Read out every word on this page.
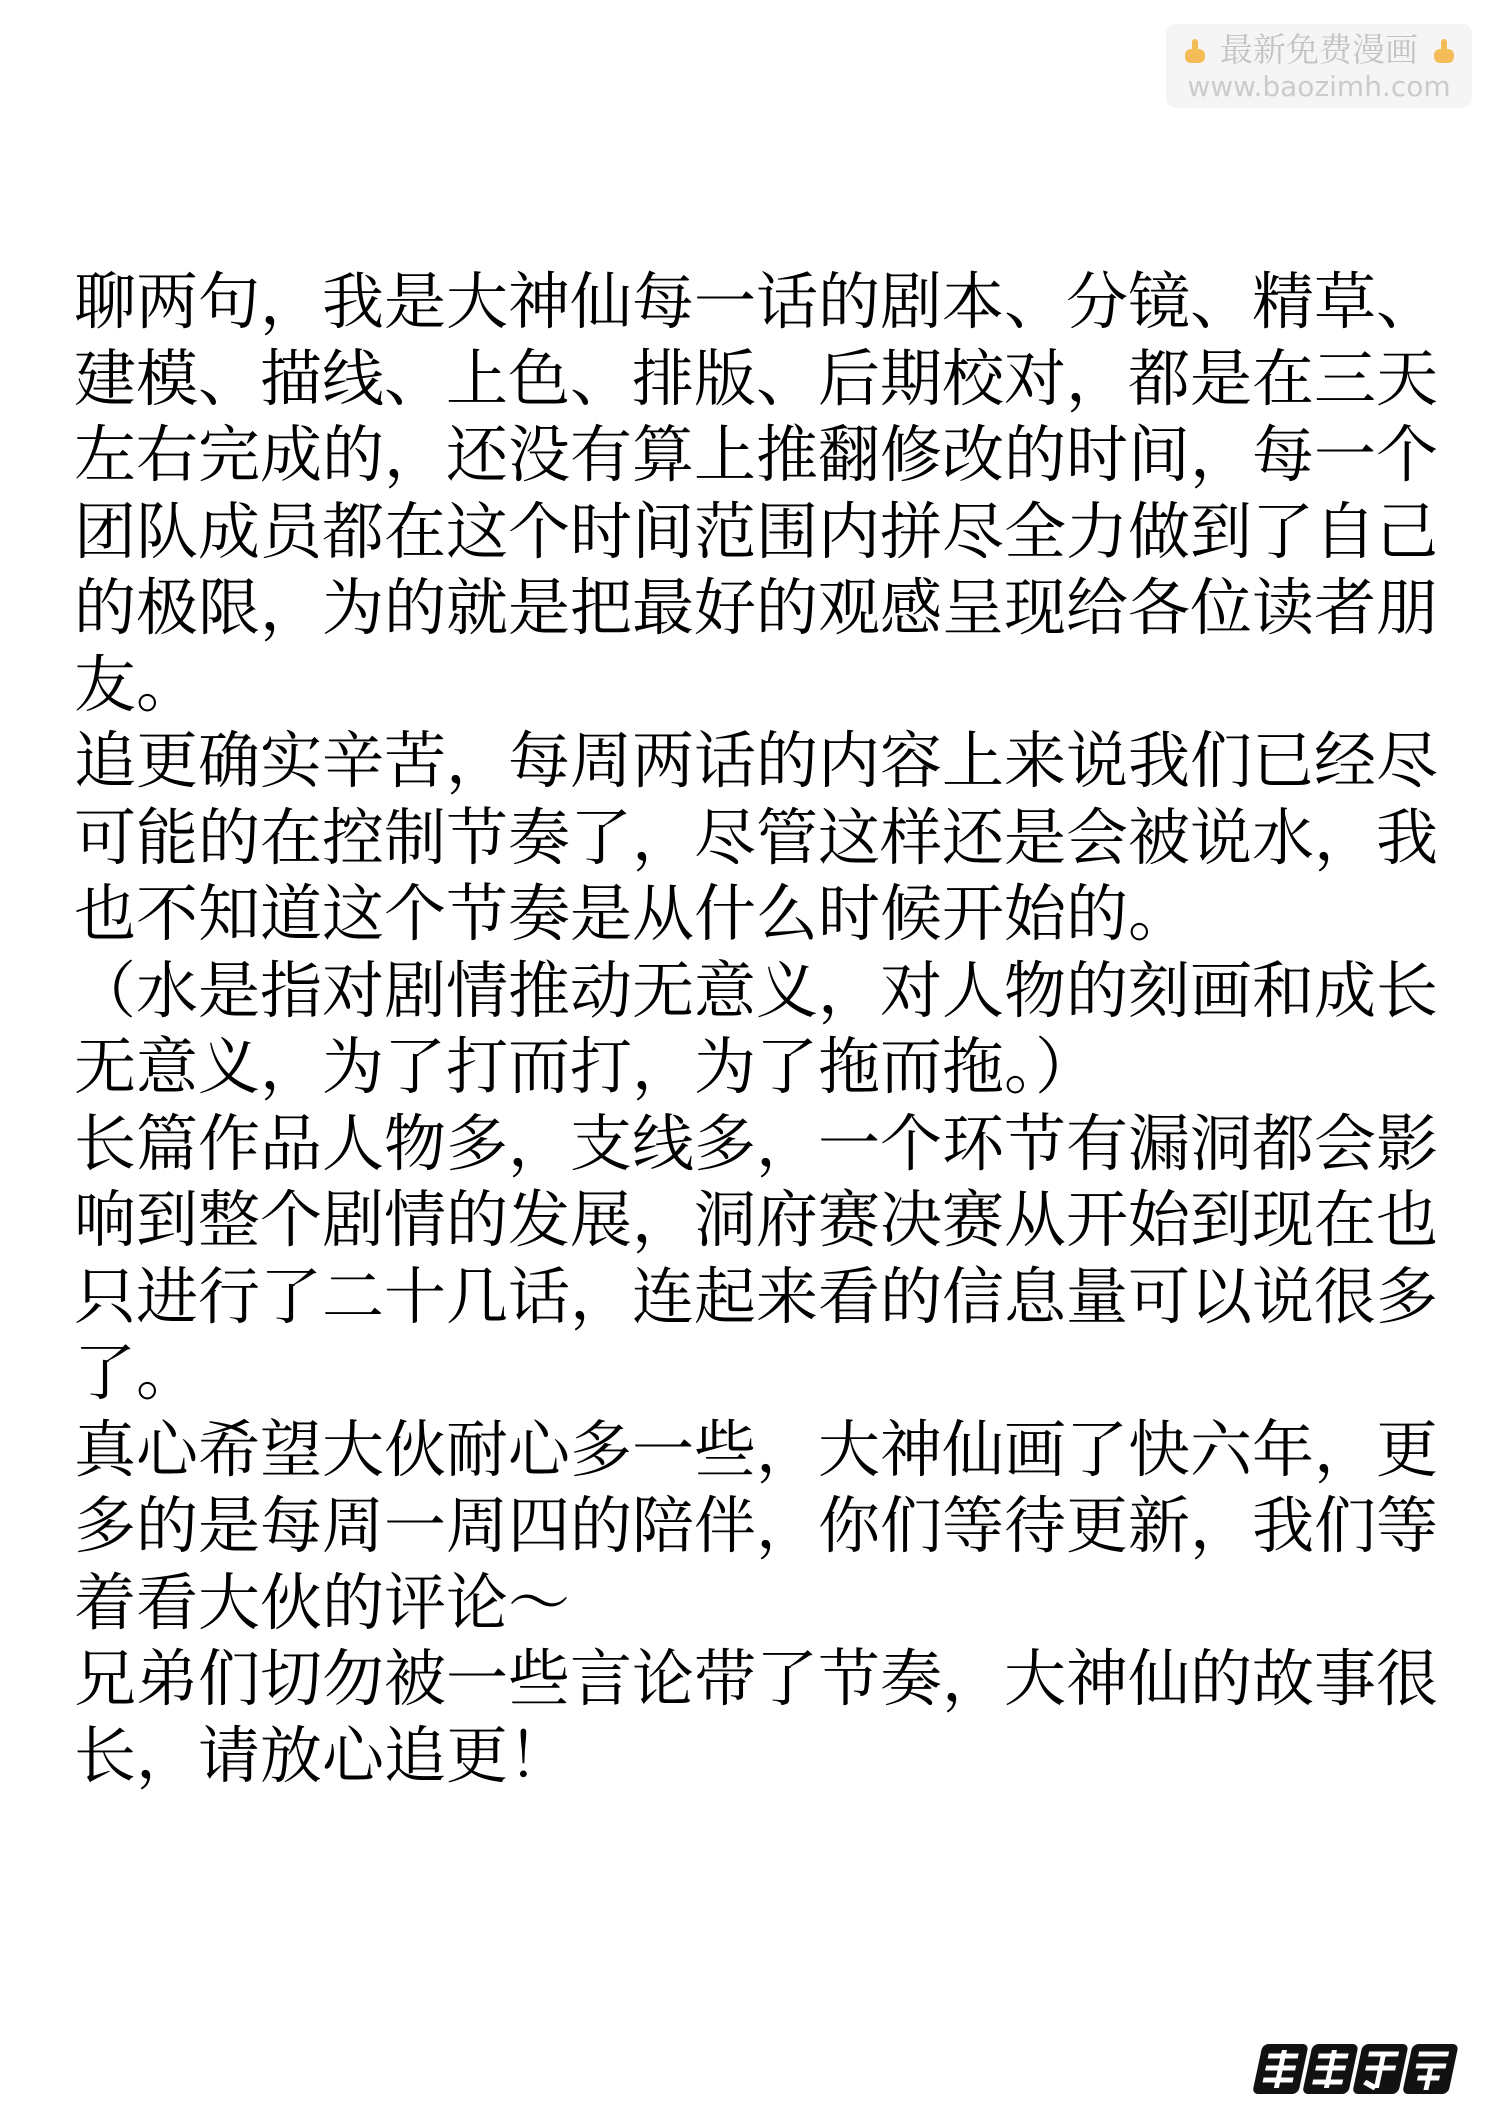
最新免费漫画
www.baozimh.com
聊两句，我是大神仙每一话的剧本、分镜、精草、
建模、描线、上色、排版、后期校对，都是在三天
左右完成的，还没有算上推翻修改的时间，每一个
团队成员都在这个时间范围内拼尽全力做到了自己
的极限，为的就是把最好的观感呈现给各位读者朋
友。
追更确实辛苦，每周两话的内容上来说我们已经尽
可能的在控制节奏了，尽管这样还是会被说水，我
也不知道这个节奏是从什么时候开始的。
（水是指对剧情推动无意义，对人物的刻画和成长
无意义，为了打而打，为了拖而拖。）
长篇作品人物多，支线多，一个环节有漏洞都会影
响到整个剧情的发展，洞府赛决赛从开始到现在也
只进行了二十几话，连起来看的信息量可以说很多
了。
真心希望大伙耐心多一些，大神仙画了快六年，更
多的是每周一周四的陪伴，你们等待更新，我们等
着看大伙的评论～
兄弟们切勿被一些言论带了节奏，大神仙的故事很
长，请放心追更！
